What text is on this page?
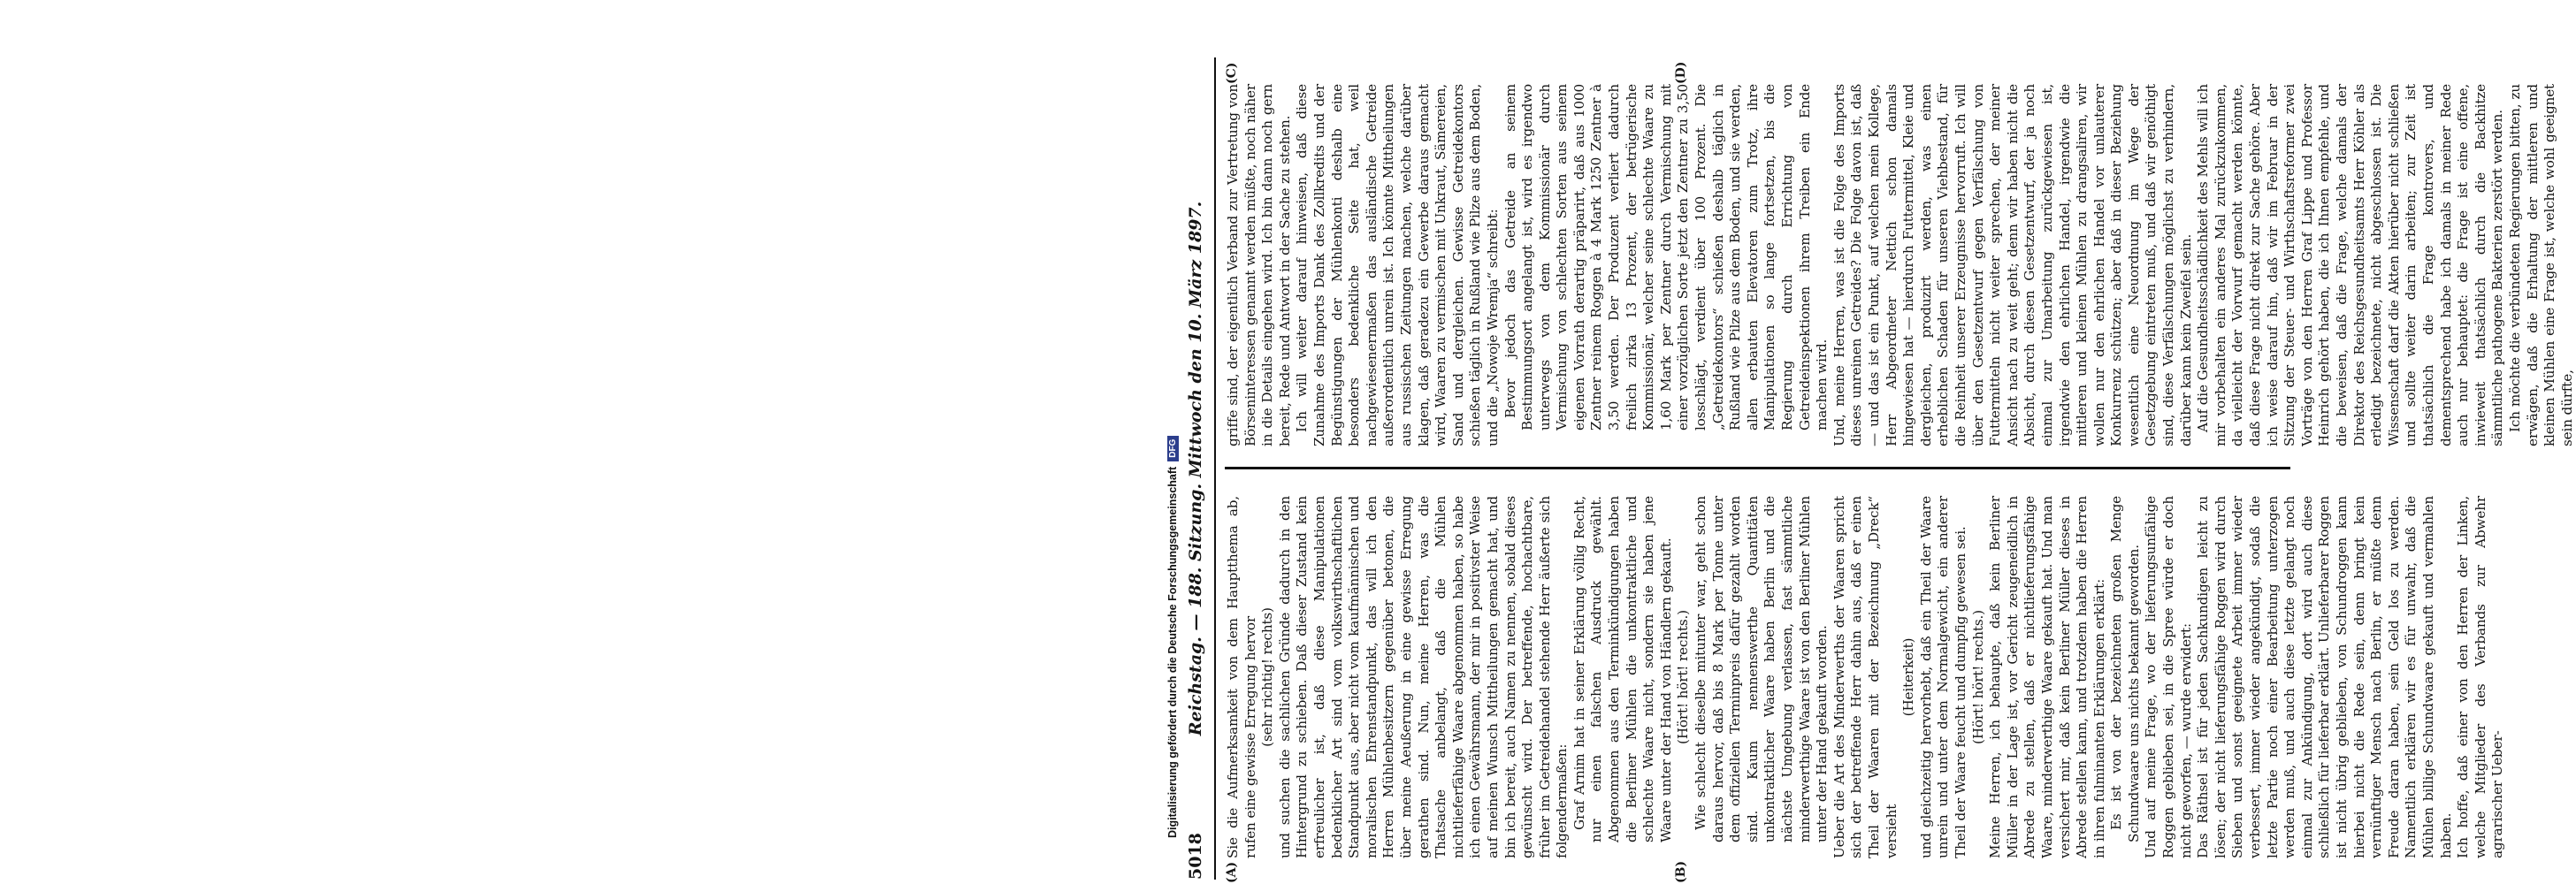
5018
Reichstag. — 188. Sitzung. Mittwoch den 10. März 1897.
(A)	(B)
(C)	(D)

Sie die Aufmerksamkeit von dem Hauptthema ab, rufen eine gewisse Erregung hervor (sehr richtig! rechts) und suchen die sachlichen Gründe dadurch in den Hintergrund zu schieben. Daß dieser Zustand kein erfreulicher ist, daß diese Manipulationen bedenklicher Art sind vom volkswirthschaftlichen Standpunkt aus, aber nicht vom kaufmännischen und moralischen Ehrenstandpunkt, das will ich den Herren Mühlenbesitzern gegenüber betonen, die über meine Aeußerung in eine gewisse Erregung gerathen sind. Nun, meine Herren, was die Thatsache anbelangt, daß die Mühlen nichtlieferfähige Waare abgenommen haben, so habe ich einen Gewährsmann, der mir in positivster Weise auf meinen Wunsch Mittheilungen gemacht hat, und bin ich bereit, auch Namen zu nennen, sobald dieses gewünscht wird. Der betreffende, hochachtbare, früher im Getreidehandel stehende Herr äußerte sich folgendermaßen: Graf Arnim hat in seiner Erklärung völlig Recht, nur einen falschen Ausdruck gewählt. Abgenommen aus den Terminkündigungen haben die Berliner Mühlen die unkontraktliche und schlechte Waare nicht, sondern sie haben jene Waare unter der Hand von Händlern gekauft. (Hört! hört! rechts.) Wie schlecht dieselbe mitunter war, geht schon daraus hervor, daß bis 8 Mark per Tonne unter dem offiziellen Terminpreis dafür gezahlt worden sind. Kaum nennenswerthe Quantitäten unkontraktlicher Waare haben Berlin und die nächste Umgebung verlassen, fast sämmtliche minderwerthige Waare ist von den Berliner Mühlen unter der Hand gekauft worden. Ueber die Art des Minderwerths der Waaren spricht sich der betreffende Herr dahin aus, daß er einen Theil der Waaren mit der Bezeichnung „Dreck“ versieht

(Heiterkeit) und gleichzeitig hervorhebt, daß ein Theil der Waare unrein und unter dem Normalgewicht, ein anderer Theil der Waare feucht und dumpfig gewesen sei. (Hört! hört! rechts.) Meine Herren, ich behaupte, daß kein Berliner Müller in der Lage ist, vor Gericht zeugeneidlich in Abrede zu stellen, daß er nichtlieferungsfähige Waare, minderwerthige Waare gekauft hat. Und man versichert mir, daß kein Berliner Müller dieses in Abrede stellen kann, und trotzdem haben die Herren in ihren fulminanten Erklärungen erklärt: Es ist von der bezeichneten großen Menge Schundwaare uns nichts bekannt geworden. Und auf meine Frage, wo der lieferungsunfähige Roggen geblieben sei, in die Spree würde er doch nicht geworfen, — wurde erwidert: Das Räthsel ist für jeden Sachkundigen leicht zu lösen; der nicht lieferungsfähige Roggen wird durch Sieben und sonst geeignete Arbeit immer wieder verbessert, immer wieder angekündigt, sodaß die letzte Partie noch einer Bearbeitung unterzogen werden muß, und auch diese letzte gelangt noch einmal zur Ankündigung, dort wird auch diese schließlich für lieferbar erklärt. Unlieferbarer Roggen ist nicht übrig geblieben, von Schundroggen kann hierbei nicht die Rede sein, denn bringt kein vernünftiger Mensch nach Berlin, er müßte denn Freude daran haben, sein Geld los zu werden. Namentlich erklären wir es für unwahr, daß die Mühlen billige Schundwaare gekauft und vermahlen haben. Ich hoffe, daß einer von den Herren der Linken, welche Mitglieder des Verbands zur Abwehr agrarischer Ueber-

griffe sind, der eigentlich Verband zur Vertretung von Börseninteressen genannt werden müßte, noch näher in die Details eingehen wird. Ich bin dann noch gern bereit, Rede und Antwort in der Sache zu stehen. Ich will weiter darauf hinweisen, daß diese Zunahme des Imports Dank des Zollkredits und der Begünstigungen der Mühlenkonti deshalb eine besonders bedenkliche Seite hat, weil nachgewiesenermaßen das ausländische Getreide außerordentlich unrein ist. Ich könnte Mittheilungen aus russischen Zeitungen machen, welche darüber klagen, daß geradezu ein Gewerbe daraus gemacht wird, Waaren zu vermischen mit Unkraut, Sämereien, Sand und dergleichen. Gewisse Getreidekontors schießen täglich in Rußland wie Pilze aus dem Boden, und die „Nowoje Wremja“ schreibt: Bevor jedoch das Getreide an seinem Bestimmungsort angelangt ist, wird es irgendwo unterwegs von dem Kommissionär durch Vermischung von schlechten Sorten aus seinem eigenen Vorrath derartig präparirt, daß aus 1000 Zentner reinem Roggen à 4 Mark 1250 Zentner à 3,50 werden. Der Produzent verliert dadurch freilich zirka 13 Prozent, der betrügerische Kommissionär, welcher seine schlechte Waare zu 1,60 Mark per Zentner durch Vermischung mit einer vorzüglichen Sorte jetzt den Zentner zu 3,50 losschlägt, verdient über 100 Prozent. Die „Getreidekontors“ schießen deshalb täglich in Rußland wie Pilze aus dem Boden, und sie werden, allen erbauten Elevatoren zum Trotz, ihre Manipulationen so lange fortsetzen, bis die Regierung durch Errichtung von Getreideinspektionen ihrem Treiben ein Ende machen wird. Und, meine Herren, was ist die Folge des Imports dieses unreinen Getreides? Die Folge davon ist, daß — und das ist ein Punkt, auf welchen mein Kollege, Herr Abgeordneter Nettich schon damals hingewiesen hat — hierdurch Futtermittel, Kleie und dergleichen, produzirt werden, was einen erheblichen Schaden für unseren Viehbestand, für die Reinheit unserer Erzeugnisse hervorruft. Ich will über den Gesetzentwurf gegen Verfälschung von Futtermitteln nicht weiter sprechen, der meiner Ansicht nach zu weit geht; denn wir haben nicht die Absicht, durch diesen Gesetzentwurf, der ja noch einmal zur Umarbeitung zurückgewiesen ist, irgendwie den ehrlichen Handel, irgendwie die mittleren und kleinen Mühlen zu drangsaliren, wir wollen nur den ehrlichen Handel vor unlauterer Konkurrenz schützen; aber daß in dieser Beziehung wesentlich eine Neuordnung im Wege der Gesetzgebung eintreten muß, und daß wir genöthigt sind, diese Verfälschungen möglichst zu verhindern, darüber kann kein Zweifel sein. Auf die Gesundheitsschädlichkeit des Mehls will ich mir vorbehalten ein anderes Mal zurückzukommen, da vielleicht der Vorwurf gemacht werden könnte, daß diese Frage nicht direkt zur Sache gehöre. Aber ich weise darauf hin, daß wir im Februar in der Sitzung der Steuer- und Wirthschaftsreformer zwei Vorträge von den Herren Graf Lippe und Professor Heinrich gehört haben, die ich Ihnen empfehle, und die beweisen, daß die Frage, welche damals der Direktor des Reichsgesundheitsamts Herr Köhler als erledigt bezeichnete, nicht abgeschlossen ist. Die Wissenschaft darf die Akten hierüber nicht schließen und sollte weiter darin arbeiten; zur Zeit ist thatsächlich die Frage kontrovers, und dementsprechend habe ich damals in meiner Rede auch nur behauptet: die Frage ist eine offene, inwieweit thatsächlich durch die Backhitze sämmtliche pathogene Bakterien zerstört werden. Ich möchte die verbündeten Regierungen bitten, zu erwägen, daß die Erhaltung der mittleren und kleinen Mühlen eine Frage ist, welche wohl geeignet sein dürfte,

Digitalisierung gefördert durch die Deutsche ForschungsgemeinschaftDFG
